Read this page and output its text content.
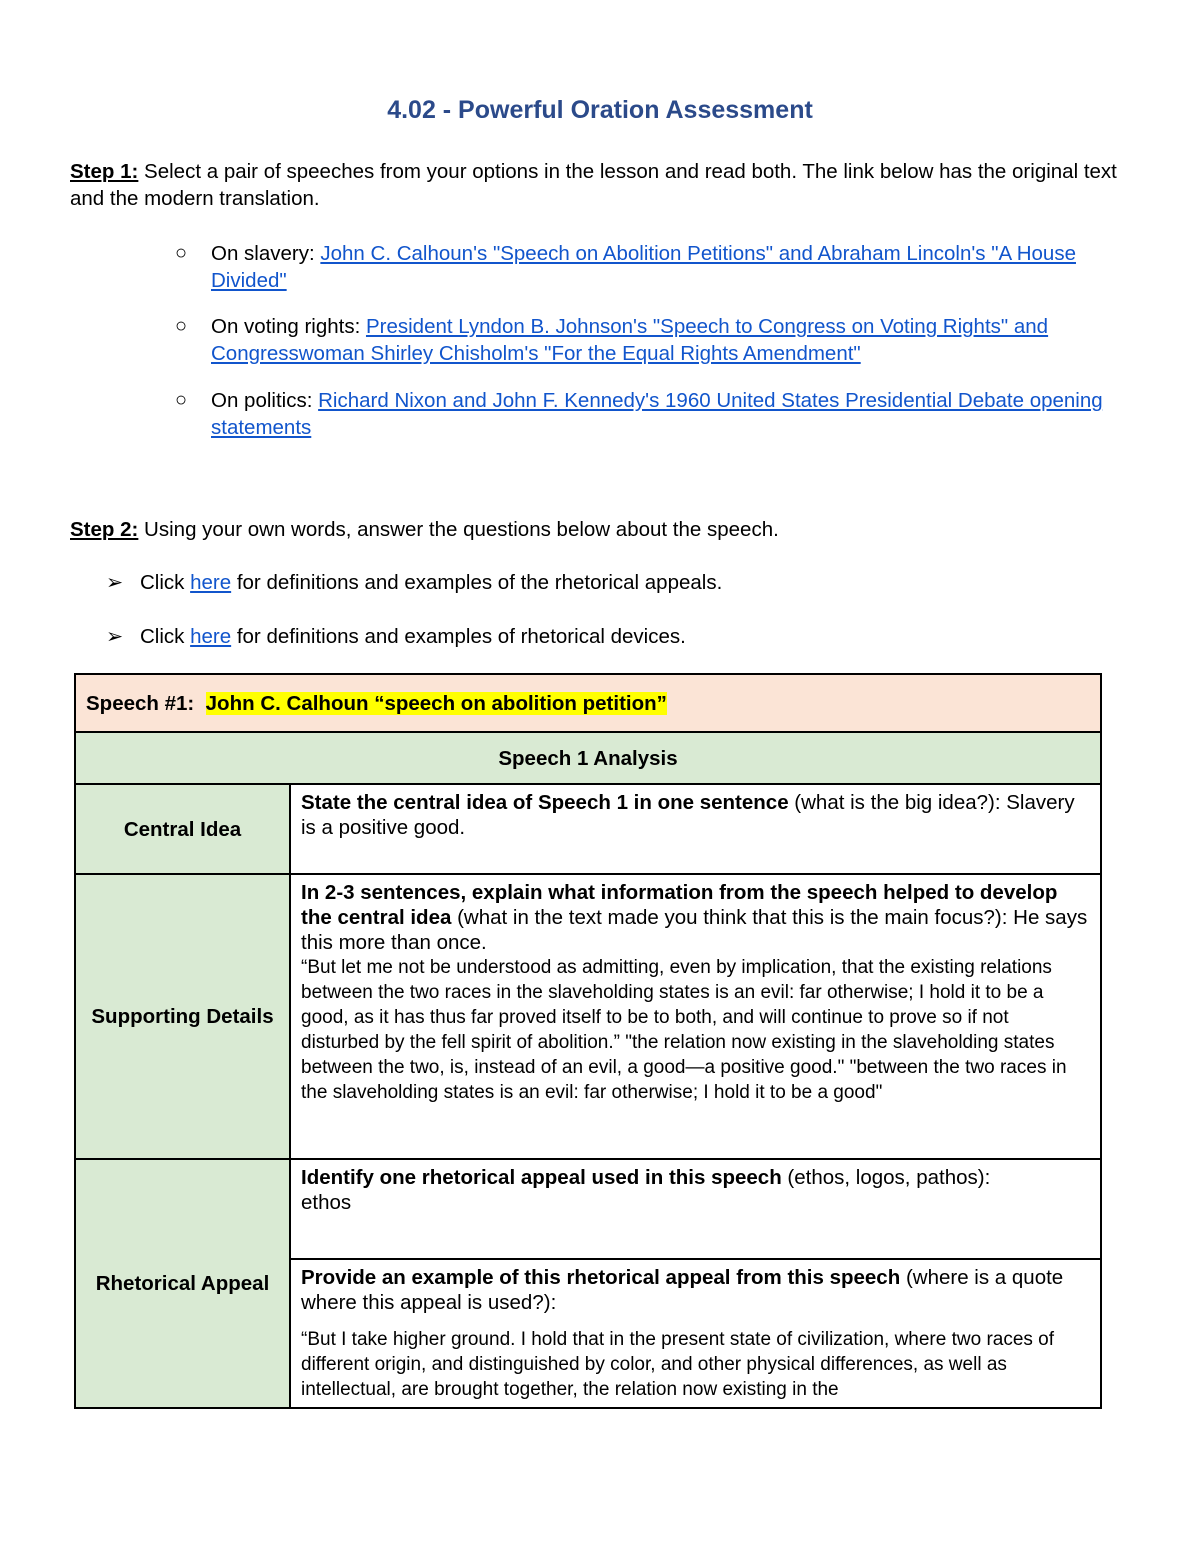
4.02 - Powerful Oration Assessment

Step 1: Select a pair of speeches from your options in the lesson and read both. The link below has the original text and the modern translation.

○ On slavery: John C. Calhoun's "Speech on Abolition Petitions" and Abraham Lincoln's "A House Divided"
○ On voting rights: President Lyndon B. Johnson's "Speech to Congress on Voting Rights" and Congresswoman Shirley Chisholm's "For the Equal Rights Amendment"
○ On politics: Richard Nixon and John F. Kennedy's 1960 United States Presidential Debate opening statements

Step 2: Using your own words, answer the questions below about the speech.

➢ Click here for definitions and examples of the rhetorical appeals.
➢ Click here for definitions and examples of rhetorical devices.
Speech #1: John C. Calhoun “speech on abolition petition”	
Speech 1 Analysis	
Central Idea	State the central idea of Speech 1 in one sentence (what is the big idea?): Slavery is a positive good.
Supporting Details	In 2-3 sentences, explain what information from the speech helped to develop the central idea (what in the text made you think that this is the main focus?): He says this more than once.
“But let me not be understood as admitting, even by implication, that the existing relations between the two races in the slaveholding states is an evil: far otherwise; I hold it to be a good, as it has thus far proved itself to be to both, and will continue to prove so if not disturbed by the fell spirit of abolition.” "the relation now existing in the slaveholding states between the two, is, instead of an evil, a good—a positive good." "between the two races in the slaveholding states is an evil: far otherwise; I hold it to be a good"

Rhetorical Appeal	Identify one rhetorical appeal used in this speech (ethos, logos, pathos):
ethos

	Provide an example of this rhetorical appeal from this speech (where is a quote where this appeal is used?):
“But I take higher ground. I hold that in the present state of civilization, where two races of different origin, and distinguished by color, and other physical differences, as well as intellectual, are brought together, the relation now existing in the
